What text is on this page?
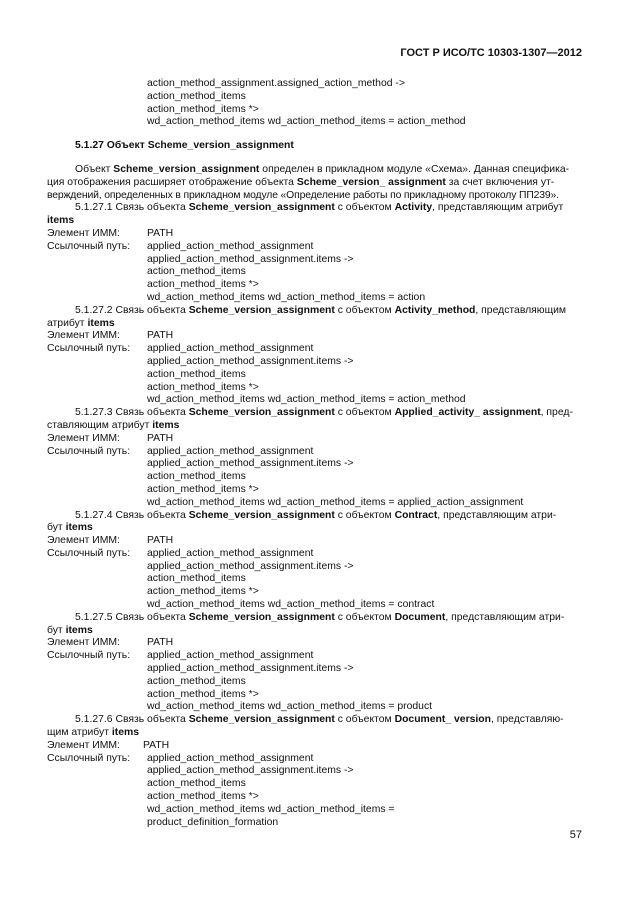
ГОСТ Р ИСО/ТС 10303-1307—2012
action_method_assignment.assigned_action_method ->
action_method_items
action_method_items *>
wd_action_method_items wd_action_method_items = action_method
5.1.27 Объект Scheme_version_assignment
Объект Scheme_version_assignment определен в прикладном модуле «Схема». Данная специфика-
ция отображения расширяет отображение объекта Scheme_version_ assignment за счет включения ут-
верждений, определенных в прикладном модуле «Определение работы по прикладному протоколу ПП239».
5.1.27.1 Связь объекта Scheme_version_assignment с объектом Activity, представляющим атрибут
items
Элемент ИММ:	PATH
Ссылочный путь:	applied_action_method_assignment
applied_action_method_assignment.items ->
action_method_items
action_method_items *>
wd_action_method_items wd_action_method_items = action
5.1.27.2 Связь объекта Scheme_version_assignment с объектом Activity_method, представляющим
атрибут items
Элемент ИММ:	PATH
Ссылочный путь:	applied_action_method_assignment
applied_action_method_assignment.items ->
action_method_items
action_method_items *>
wd_action_method_items wd_action_method_items = action_method
5.1.27.3 Связь объекта Scheme_version_assignment с объектом Applied_activity_ assignment, пред-
ставляющим атрибут items
Элемент ИММ:	PATH
Ссылочный путь:	applied_action_method_assignment
applied_action_method_assignment.items ->
action_method_items
action_method_items *>
wd_action_method_items wd_action_method_items = applied_action_assignment
5.1.27.4 Связь объекта Scheme_version_assignment с объектом Contract, представляющим атри-
бут items
Элемент ИММ:	PATH
Ссылочный путь:	applied_action_method_assignment
applied_action_method_assignment.items ->
action_method_items
action_method_items *>
wd_action_method_items wd_action_method_items = contract
5.1.27.5 Связь объекта Scheme_version_assignment с объектом Document, представляющим атри-
бут items
Элемент ИММ:	PATH
Ссылочный путь:	applied_action_method_assignment
applied_action_method_assignment.items ->
action_method_items
action_method_items *>
wd_action_method_items wd_action_method_items = product
5.1.27.6 Связь объекта Scheme_version_assignment с объектом Document_ version, представляю-
щим атрибут items
Элемент ИММ:	PATH
Ссылочный путь:	applied_action_method_assignment
applied_action_method_assignment.items ->
action_method_items
action_method_items *>
wd_action_method_items wd_action_method_items =
product_definition_formation
57
